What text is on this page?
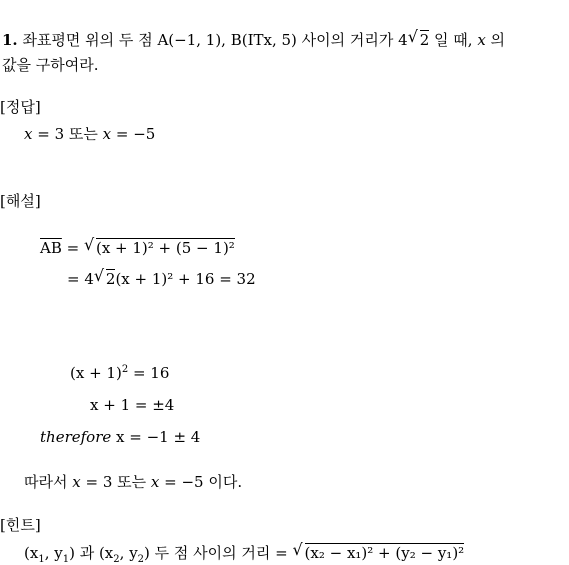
1. 좌표평면 위의 두 점 A(−1, 1), B(ITx, 5) 사이의 거리가 4 √ 2 일 때, x 의
값을 구하여라.
[정답]
x = 3 또는 x = −5
[해설]
$\overline{AB}$ = √ (x + 1)² + (5 − 1)²
= 4 √ 2(x + 1)² + 16 = 32
$(x + 1)^2 = 16$
x + 1 = ±4
therefore x = −1 ± 4
따라서 x = 3 또는 x = −5 이다.
[힌트]
($x_1$, $y_1$) 과 ($x_2$, $y_2$) 두 점 사이의 거리 = √ (x₂ − x₁)² + (y₂ − y₁)²
